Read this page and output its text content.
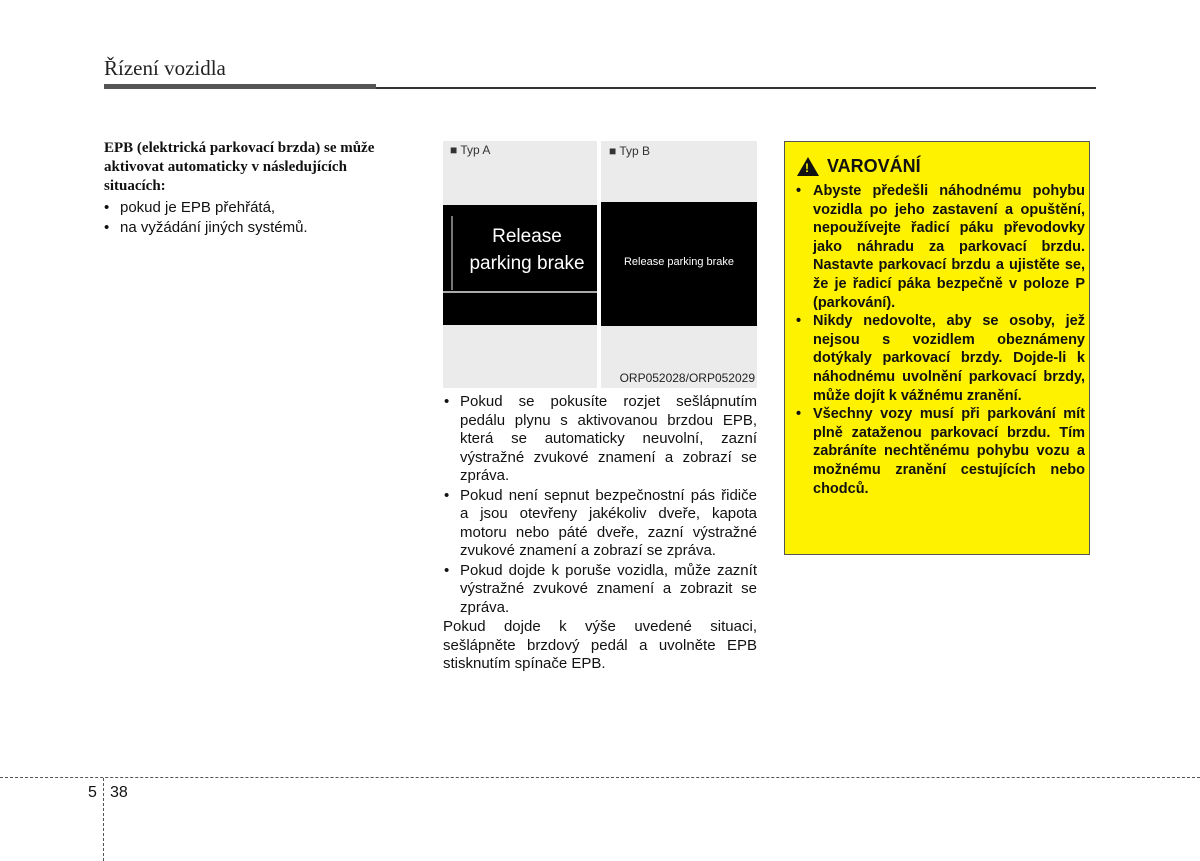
Řízení vozidla

EPB (elektrická parkovací brzda) se může aktivovat automaticky v následujících situacích:

• pokud je EPB přehřátá,
• na vyžádání jiných systémů.
■ Typ A
Release
parking brake
■ Typ B
Release parking brake
ORP052028/ORP052029
• Pokud se pokusíte rozjet sešlápnutím pedálu plynu s aktivovanou brzdou EPB, která se automaticky neuvolní, zazní výstražné zvukové znamení a zobrazí se zpráva.
• Pokud není sepnut bezpečnostní pás řidiče a jsou otevřeny jakékoliv dveře, kapota motoru nebo páté dveře, zazní výstražné zvukové znamení a zobrazí se zpráva.
• Pokud dojde k poruše vozidla, může zaznít výstražné zvukové znamení a zobrazit se zpráva.

Pokud dojde k výše uvedené situaci, sešlápněte brzdový pedál a uvolněte EPB stisknutím spínače EPB.

! VAROVÁNÍ
• Abyste předešli náhodnému pohybu vozidla po jeho zastavení a opuštění, nepoužívejte řadicí páku převodovky jako náhradu za parkovací brzdu. Nastavte parkovací brzdu a ujistěte se, že je řadicí páka bezpečně v poloze P (parkování).
• Nikdy nedovolte, aby se osoby, jež nejsou s vozidlem obeznámeny dotýkaly parkovací brzdy. Dojde-li k náhodnému uvolnění parkovací brzdy, může dojít k vážnému zranění.
• Všechny vozy musí při parkování mít plně zataženou parkovací brzdu. Tím zabráníte nechtěnému pohybu vozu a možnému zranění cestujících nebo chodců.
5 38
